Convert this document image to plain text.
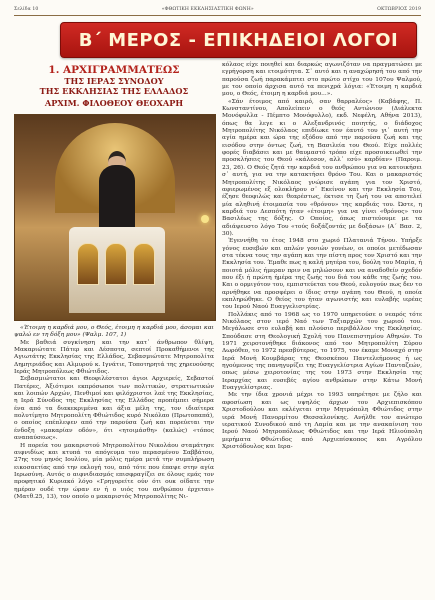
Σελίδα 10	«ΦΘΩΤΙΚΗ ΕΚΚΛΗΣΙΑΣΤΙΚΗ ΦΩΝΗ»	ΟΚΤΩΒΡΙΟΣ 2019
Β΄ ΜΕΡΟΣ - ΕΠΙΚΗΔΕΙΟΙ ΛΟΓΟΙ
1. ΑΡΧΙΓΡΑΜΜΑΤΕΩΣ
ΤΗΣ ΙΕΡΑΣ ΣΥΝΟΔΟΥ
ΤΗΣ ΕΚΚΛΗΣΙΑΣ ΤΗΣ ΕΛΛΑΔΟΣ
ΑΡΧΙΜ. ΦΙΛΟΘΕΟΥ ΘΕΟΧΑΡΗ

«Έτοιμη η καρδιά μου, ο Θεός, έτοιμη η καρδιά μου, άσομαι και ψαλώ εν τη δόξη μου» (Ψαλμ. 107, 1)

Με βαθειά συγκίνηση και την κατ᾽ άνθρωπον θλίψη, Μακαριώτατε Πάτερ και Δέσποτα, σεπτοί Προκαθήμενοι της Αγιωτάτης Εκκλησίας της Ελλάδος, Σεβασμιώτατε Μητροπολίτα Δημητριάδος και Αλμυρού κ. Ιγνάτιε, Τοποτηρητά της χηρευούσης Ιεράς Μητροπόλεως Φθιώτιδος.

Σεβασμιώτατοι και Θεοφιλέστατοι άγιοι Αρχιερείς, Σεβαστοί Πατέρες, Άξιότιμοι εκπρόσωποι των πολιτικών, στρατιωτικών και λοιπών Αρχών, Πενθιμοί και φιλόχριστοι λαέ της Εκκλησίας, η Ιερά Σύνοδος της Εκκλησίας της Ελλάδος προπέμπει σήμερα ένα από τα διακεκριμένα και άξια μέλη της, τον ιδιαίτερα πολυτίμητο Μητροπολίτη Φθιώτιδος κυρό Νικόλαο (Πρωτοπαπά), ο οποίος επέπλεψεν από την παρούσα ζωή και πορεύεται την ένδοξη «μακαρίαν οδόν», ότι «ητοιμάσθη» (καλώς) «τόπος αναπαύσεως».

Η πορεία του μακαριστού Μητροπολίτου Νικολάου σταμάτησε αιφνιδίως και κτυπά το απόγευμα του περασμένου Σαββάτου, 27ης του μηνός Ιουλίου, μία μόλις ημέρα μετά την συμπλήρωση εικοσαετίας από την εκλογή του, από τότε που έπαψε στην αγία Ιερωσύνη. Αυτός ο αιφνιδιασμός επισφραγίζει σε όλους εμάς τον προφητικό Κυριακό λόγο «Γρηγορείτε ούν ότι ουκ οίδατε την ημέραν ουδέ την ώραν εν ή ο υιός του ανθρώπου έρχεται» (Ματθ.25, 13), τον οποίο ο μακαριστός Μητροπολίτης Νι-

κόλαος είχε ποιηθεί και διαρκώς αγωνιζόταν να πραγματώσει με εγρήγορση και ετοιμότητα. Σ᾽ αυτό και η αναχώρησή του από την παρούσα ζωή παρακάμπτει στο πρώτο στίχο του 107ου Ψαλμού, με τον οποίο άρχισα αυτό τα πενιχρά λόγια: «Έτοιμη η καρδιά μου, ο Θεός, έτοιμη η καρδιά μου...».

«Σάν έτοιμος από καιρό, σαν θαρραλέος» (Καβάφης, Π. Κωνσταντίνου, Απολείπειν ο θεός Αντώνιον (Διάλεκτα Μονόφυλλα - Πέμπτο Μονόφυλλο), εκδ. Νεφέλη, Αθήνα 2013), όπως θα λεγε κι ο Αλεξανδρινός ποιητής, ο διάδοχος Μητροπολίτης Νικόλαος επιδίωκε τον έαυτό του γι᾽ αυτή την αγία ημέρα και ώρα της εξόδου από την παρούσα ζωή και της εισόδου στην όντως ζωή, τη Βασιλεία του Θεού. Είχε πολλές φορές διαβάσει και με θαυμαστό τρόπο είχε προσοικειωθεί την προσκλήσεις του Θεού «κάλεσον, αλλ᾽ εσύ» καρδίαν» (Παροιμ. 23, 26). Ο Θεός ζητά την καρδιά του ανθρώπου για να κατοικήσει σ᾽ αυτή, για να την κατακτήσει θρόνο Του. Και ο μακαριστός Μητροπολίτης Νικόλαος γνώρισε αγάπη για τον Χριστό, αφιερωμένος εξ ολοκλήρου σ᾽ Εκείνον και την Εκκλησία Του, έζησε θεοφιλώς και θεαρέστως, έκτισε τη ζωή του να αποτελεί μία αληθινή έτοιμασία του «θρόνου» της καρδιάς του. Ώστε, η καρδιά του Δεσπότη ήταν «έτοιμη» για να γίνει «θρόνος» του Βασιλέως της δόξης. Ο Οποίος, όπως πιστεύουμε με τα αδιάψευστο λόγο Του «τούς δοξάζοντάς με δοξάσω» (Α΄ Βασ. 2, 30).

Έγεννήθη το έτος 1948 στο χωριό Πλατανιά Τήνου. Υπήρξε γόνος ευσεβών και απλών γονιών γονέων, οι οποίοι μετέδωσαν στα τέκνα τους την αγάπη και την πίστη προς τον Χριστό και την Εκκλησία του. Έμαθε πως η καλή μητέρα του, δούλη του Μαρία, ή ποιοτά μόλις ήμεραν πριν να μηλώσουν και να αναδοθείν σχεδόν που έξι ή πρώτη ήμέρα της ζωής του διά του κάθε της ζωής του. Και ο ορμιγότον του, εμπιστεύεται του Θεού, ευλογούν πως δεν το αρνήθηκε να προσφέρει ο ίδιος στην αγάπη του Θεού, η οποία εκπληρώθηκε. Ο θείος του ήταν αγωνιστής και ευλαβής ιερέας του Ιερού Ναού Ευαγγελιστρίας.

Πολλάκις από το 1968 ως το 1970 υπηρετούσε ο νεαρός τότε Νικόλαος στον ιερό Ναό των Ταξιαρχών του χωριού του. Μεγάλωσε στο ευλαβή και πλούσιο περιβάλλον της Εκκλησίας. Σπούδασε στη Θεολογική Σχολή του Πανεπιστημίου Αθηνών. Το 1971 χειροτονήθηκε διάκονος από τον Μητροπολίτη Σύρου Δωρόθεο, το 1972 πρεσβύτερος, το 1975, τον έκαμε Μοναχό στην Ιερά Μονή Κουμβάρας της Θεοσκέπου Παντελεήμονος ή ως ηγούμενος της πανηγυρίζει της Ευαγγελίστρια Αγίων Πανταζεών, οπως μέσω χειροτονίας της του 1973 στην Εκκλησία της Ιεραρχίας και ευσεβές αγίου ανθρώπων στην Κάτω Μονή Ευαγγελίστριας.

Με την ίδια χρονιά μέχρι το 1993 υπηρέτησε με ζήλο και αφοσίωση και ως υψηλός άρχων του Αρχιεπισκόπου Χριστοδούλου και εκλέγεται στην Μητρόπολη Φθιώτιδος στην ιερά Μονή Πανορμίτου Θεσσαλονίκης. Ανήλθε τον ανώτερο ιερατικού Συνοδικού από τη Λαμία και με την ανακαίνιση του Ιερού Ναού Μητροπόλεως Φθιώτιδος και την Ιερά Ηλιούπολη μερήματα Φθιώτιδος από Αρχιεπίσκοπος και Αγρόλου Χριστόδουλος και Ιερα-
